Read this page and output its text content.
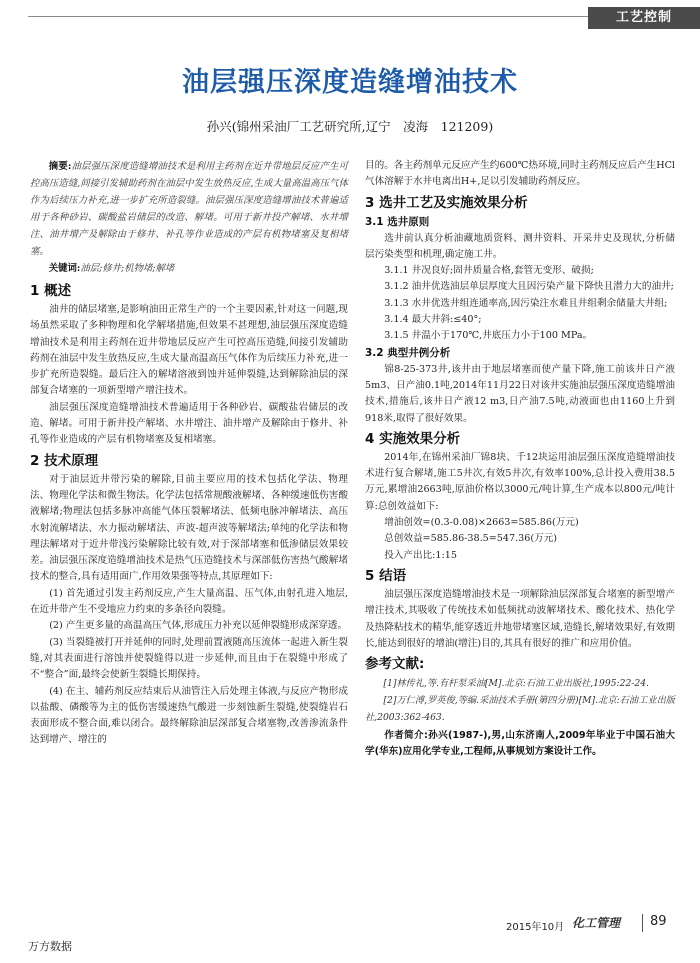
工艺控制
油层强压深度造缝增油技术
孙兴(锦州采油厂工艺研究所,辽宁　凌海　121209)

摘要:油层强压深度造缝增油技术是利用主药剂在近井带地层反应产生可控高压造缝,间接引发辅助药剂在油层中发生放热反应,生成大量高温高压气体作为后续压力补充,进一步扩充所造裂缝。油层强压深度造缝增油技术普遍适用于各种砂岩、碳酸盐岩储层的改造、解堵。可用于新井投产解堵、水井增注、油井增产及解除由于修井、补孔等作业造成的产层有机物堵塞及复相堵塞。

关键词:油层;修井;机物堵;解堵

1 概述

油井的储层堵塞,是影响油田正常生产的一个主要因素,针对这一问题,现场虽然采取了多种物理和化学解堵措施,但效果不甚理想,油层强压深度造缝增油技术是利用主药剂在近井带地层反应产生可控高压造缝,间接引发辅助药剂在油层中发生放热反应,生成大量高温高压气体作为后续压力补充,进一步扩充所造裂缝。最后注入的解堵溶液到蚀并延伸裂缝,达到解除油层的深部复合堵塞的一项新型增产增注技术。

油层强压深度造缝增油技术普遍适用于各种砂岩、碳酸盐岩储层的改造、解堵。可用于新井投产解堵、水井增注、油井增产及解除由于修井、补孔等作业造成的产层有机物堵塞及复相堵塞。

2 技术原理

对于油层近井带污染的解除,目前主要应用的技术包括化学法、物理法、物理化学法和微生物法。化学法包括常规酸液解堵、各种缓速低伤害酸液解堵;物理法包括多脉冲高能气体压裂解堵法、低频电脉冲解堵法、高压水射流解堵法、水力振动解堵法、声波-超声波等解堵法;单纯的化学法和物理法解堵对于近井带浅污染解除比较有效,对于深部堵塞和低渗储层效果较差。油层强压深度造缝增油技术是热气压造缝技术与深部低伤害热气酸解堵技术的整合,具有适用面广,作用效果强等特点,其原理如下:

(1) 首先通过引发主药剂反应,产生大量高温、压气体,由射孔进入地层,在近井带产生不受地应力约束的多条径向裂缝。

(2) 产生更多量的高温高压气体,形成压力补充以延伸裂缝形成深穿透。

(3) 当裂缝被打开并延伸的同时,处理前置液随高压流体一起进入新生裂缝,对其表面进行溶蚀并使裂缝得以进一步延伸,而且由于在裂缝中形成了不“整合”面,最终会使新生裂缝长期保持。

(4) 在主、辅药剂反应结束后从油管注入后处理主体液,与反应产物形成以盐酸、磷酸等为主的低伤害缓速热气酸进一步刻蚀新生裂缝,使裂缝岩石表面形成不整合面,难以闭合。最终解除油层深部复合堵塞物,改善渗流条件达到增产、增注的

目的。各主药剂单元反应产生约600℃热环境,同时主药剂反应后产生HCl气体溶解于水井电离出H+,足以引发辅助药剂反应。

3 选井工艺及实施效果分析
3.1 选井原则

选井前认真分析油藏地质资料、测井资料、开采井史及现状,分析储层污染类型和机理,确定施工井。

3.1.1 井况良好;固井质量合格,套管无变形、破损;

3.1.2 油井优选油层单层厚度大且因污染产量下降快且潜力大的油井;

3.1.3 水井优选井组连通率高,因污染注水难且井组剩余储量大井组;

3.1.4 最大井斜:≤40°;

3.1.5 井温小于170℃,井底压力小于100 MPa。

3.2 典型井例分析

锦8-25-373井,该井由于地层堵塞而使产量下降,施工前该井日产液5m3、日产油0.1吨,2014年11月22日对该井实施油层强压深度造缝增油技术,措施后,该井日产液12 m3,日产油7.5吨,动液面也由1160上升到918米,取得了很好效果。

4 实施效果分析

2014年,在锦州采油厂锦8块、千12块运用油层强压深度造缝增油技术进行复合解堵,施工5井次,有效5井次,有效率100%,总计投入费用38.5万元,累增油2663吨,原油价格以3000元/吨计算,生产成本以800元/吨计算:总创效益如下:

增油创效=(0.3-0.08)×2663=585.86(万元)

总创效益=585.86-38.5=547.36(万元)

投入产出比:1:15

5 结语

油层强压深度造缝增油技术是一项解除油层深部复合堵塞的新型增产增注技术,其吸收了传统技术如低频扰动波解堵技术、酸化技术、热化学及热降粘技术的精华,能穿透近井地带堵塞区域,造缝长,解堵效果好,有效期长,能达到很好的增油(增注)目的,其具有很好的推广和应用价值。

参考文献:

[1]林传礼,等.有杆泵采油[M].北京:石油工业出版社,1995:22-24.

[2]万仁溥,罗英俊,等编.采油技术手册(第四分册)[M].北京:石油工业出版社,2003:362-463.

作者简介:孙兴(1987-),男,山东济南人,2009年毕业于中国石油大学(华东)应用化学专业,工程师,从事规划方案设计工作。

2015年10月 化工管理 89
万方数据
